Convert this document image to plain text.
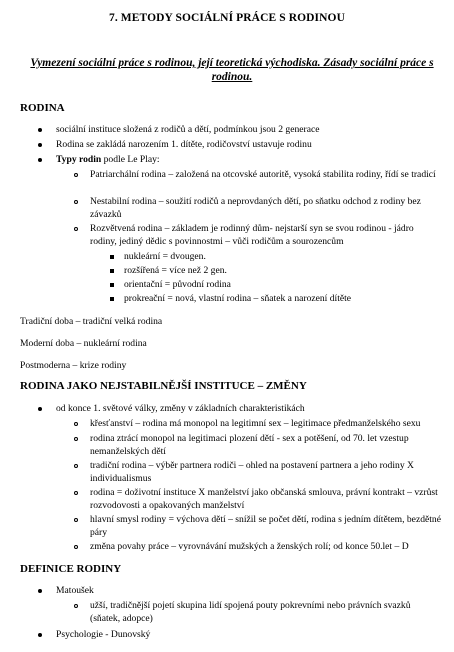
7. METODY SOCIÁLNÍ PRÁCE S RODINOU
Vymezení sociální práce s rodinou, její teoretická východiska. Zásady sociální práce s rodinou.
RODINA
sociální instituce složená z rodičů a dětí, podmínkou jsou 2 generace
Rodina se zakládá narozením 1. dítěte, rodičovství ustavuje rodinu
Typy rodin podle Le Play:
Patriarchální rodina – založená na otcovské autoritě, vysoká stabilita rodiny, řídí se tradicí
Nestabilní rodina – soužití rodičů a neprovdaných dětí, po sňatku odchod z rodiny bez závazků
Rozvětvená rodina – základem je rodinný dům- nejstarší syn se svou rodinou - jádro rodiny, jediný dědic s povinnostmi – vůči rodičům a sourozencům
nukleární = dvougen.
rozšířená = více než 2 gen.
orientační = původní rodina
prokreační = nová, vlastní rodina – sňatek a narození dítěte
Tradiční doba – tradiční velká rodina
Moderní doba – nukleární rodina
Postmoderna – krize rodiny
RODINA JAKO NEJSTABILNĚJŠÍ INSTITUCE – ZMĚNY
od konce 1. světové války, změny v základních charakteristikách
křesťanství – rodina má monopol na legitimní sex – legitimace předmanželského sexu
rodina ztrácí monopol na legitimaci plození dětí - sex a potěšení, od 70. let vzestup nemanželských dětí
tradiční rodina – výběr partnera rodiči – ohled na postavení partnera a jeho rodiny X individualismus
rodina = doživotní instituce X manželství jako občanská smlouva, právní kontrakt – vzrůst rozvodovosti a opakovaných manželství
hlavní smysl rodiny = výchova dětí – snížil se počet dětí, rodina s jedním dítětem, bezdětné páry
změna povahy práce – vyrovnávání mužských a ženských rolí; od konce 50.let – D
DEFINICE RODINY
Matoušek
užší, tradičnější pojetí skupina lidí spojená pouty pokrevními nebo právních svazků (sňatek, adopce)
Psychologie - Dunovský
